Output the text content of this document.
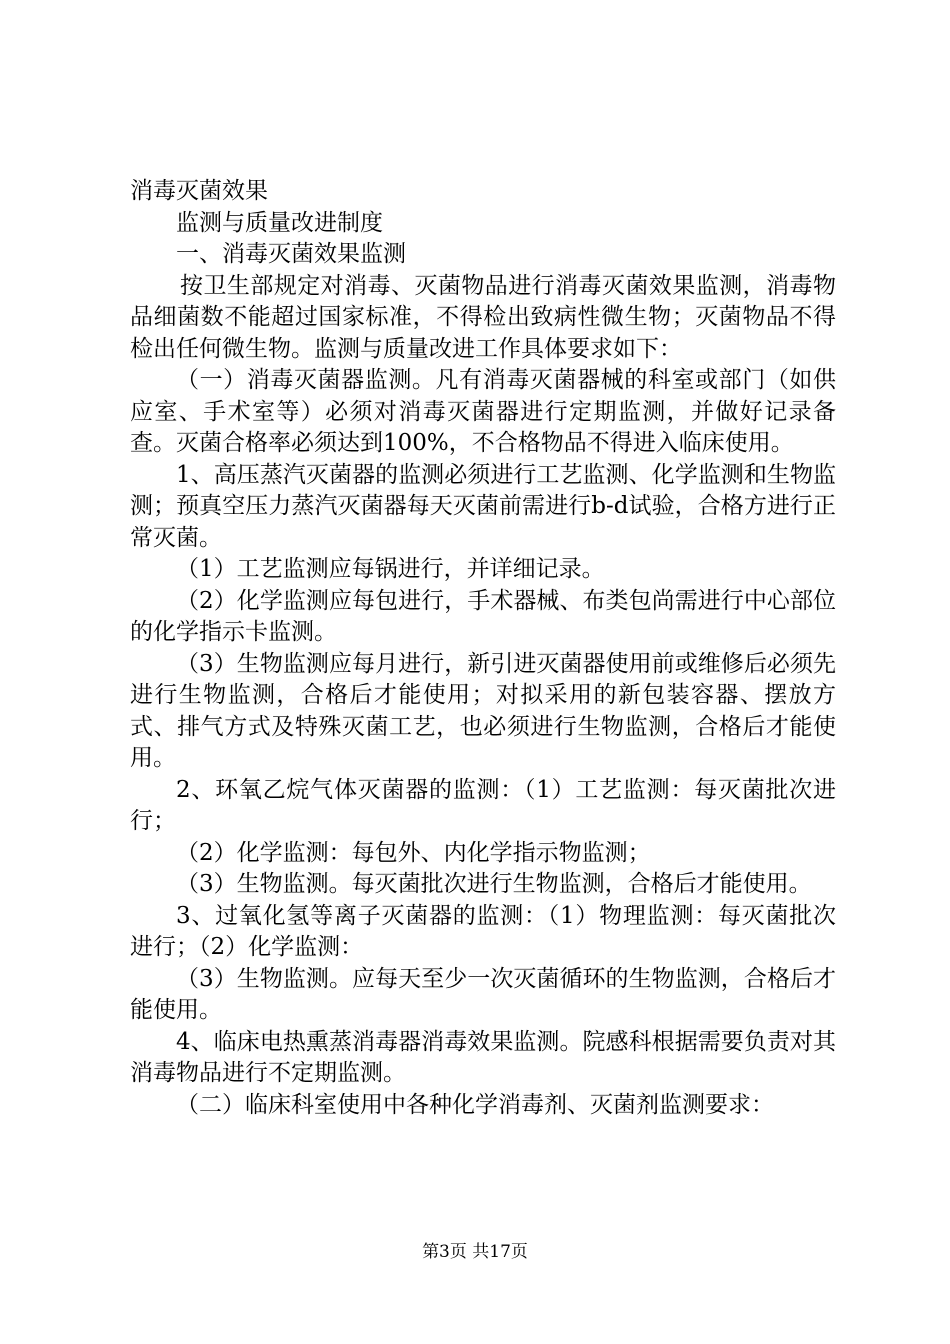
消毒灭菌效果

监测与质量改进制度

一、消毒灭菌效果监测

按卫生部规定对消毒、灭菌物品进行消毒灭菌效果监测，消毒物品细菌数不能超过国家标准，不得检出致病性微生物；灭菌物品不得检出任何微生物。监测与质量改进工作具体要求如下：

（一）消毒灭菌器监测。凡有消毒灭菌器械的科室或部门（如供应室、手术室等）必须对消毒灭菌器进行定期监测，并做好记录备查。灭菌合格率必须达到100%，不合格物品不得进入临床使用。

1、高压蒸汽灭菌器的监测必须进行工艺监测、化学监测和生物监测；预真空压力蒸汽灭菌器每天灭菌前需进行b-d试验，合格方进行正常灭菌。

（1）工艺监测应每锅进行，并详细记录。

（2）化学监测应每包进行，手术器械、布类包尚需进行中心部位的化学指示卡监测。

（3）生物监测应每月进行，新引进灭菌器使用前或维修后必须先进行生物监测，合格后才能使用；对拟采用的新包装容器、摆放方式、排气方式及特殊灭菌工艺，也必须进行生物监测，合格后才能使用。

2、环氧乙烷气体灭菌器的监测：（1）工艺监测：每灭菌批次进行；

（2）化学监测：每包外、内化学指示物监测；

（3）生物监测。每灭菌批次进行生物监测，合格后才能使用。

3、过氧化氢等离子灭菌器的监测：（1）物理监测：每灭菌批次进行；（2）化学监测：

（3）生物监测。应每天至少一次灭菌循环的生物监测，合格后才能使用。

4、临床电热熏蒸消毒器消毒效果监测。院感科根据需要负责对其消毒物品进行不定期监测。

（二）临床科室使用中各种化学消毒剂、灭菌剂监测要求：

第3页 共17页
